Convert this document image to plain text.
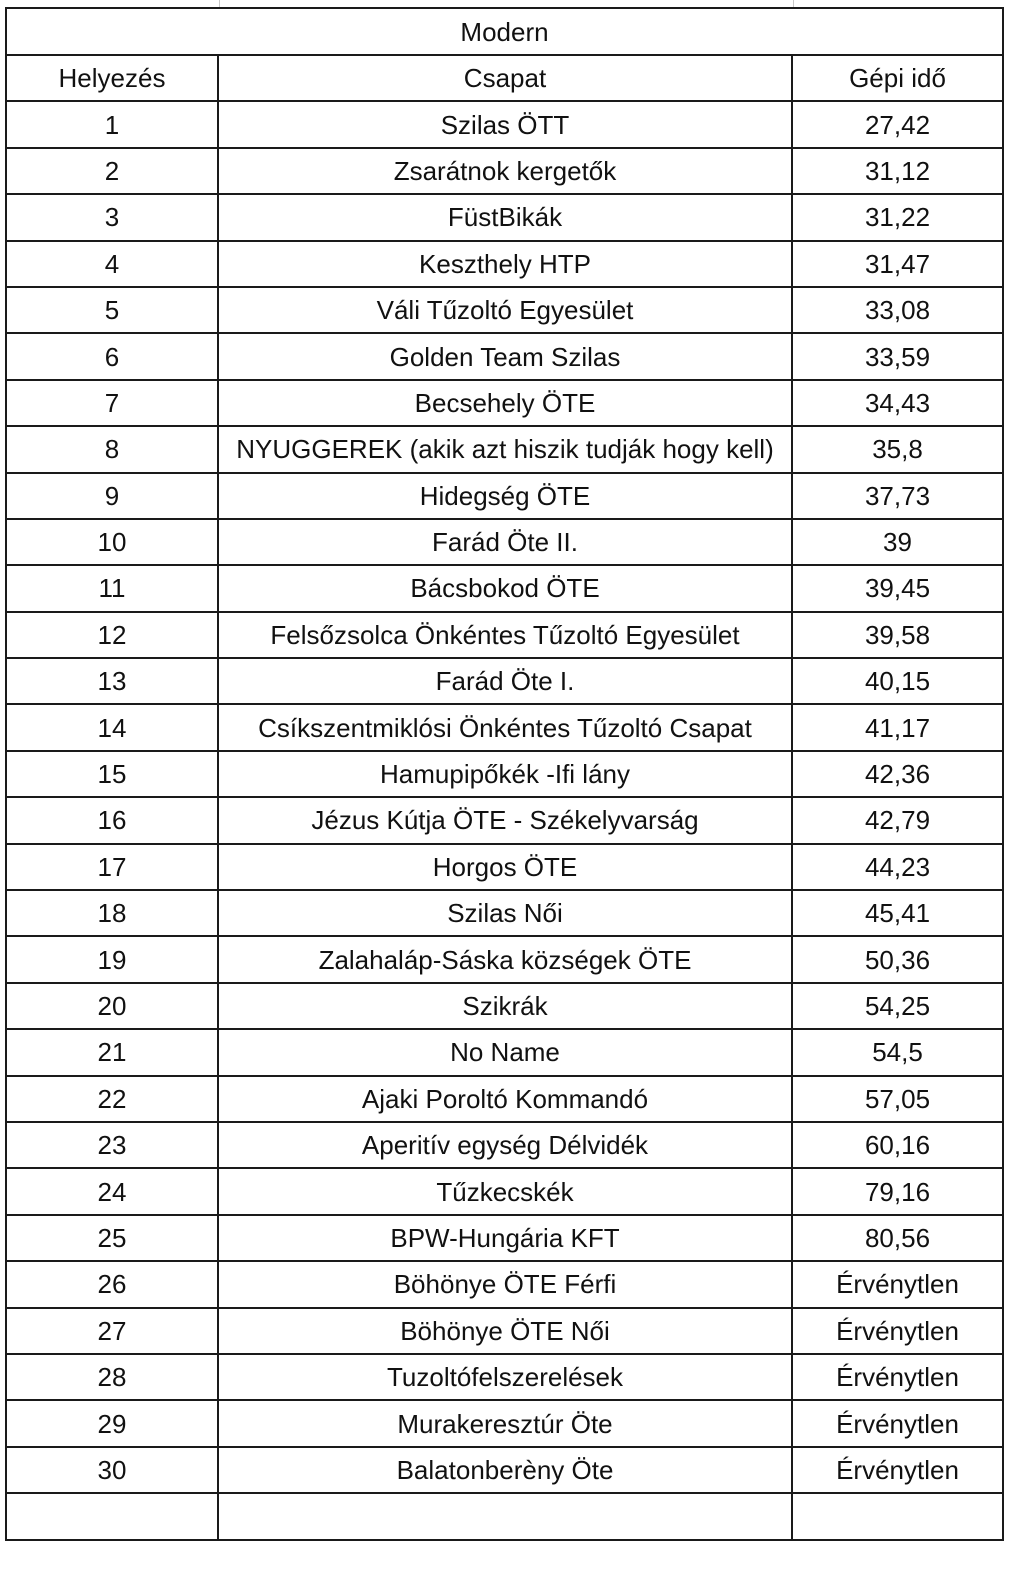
Modern		
Helyezés	Csapat	Gépi idő
1	Szilas ÖTT	27,42
2	Zsarátnok kergetők	31,12
3	FüstBikák	31,22
4	Keszthely HTP	31,47
5	Váli Tűzoltó Egyesület	33,08
6	Golden Team Szilas	33,59
7	Becsehely ÖTE	34,43
8	NYUGGEREK (akik azt hiszik tudják hogy kell)	35,8
9	Hidegség ÖTE	37,73
10	Farád Öte II.	39
11	Bácsbokod ÖTE	39,45
12	Felsőzsolca Önkéntes Tűzoltó Egyesület	39,58
13	Farád Öte I.	40,15
14	Csíkszentmiklósi Önkéntes Tűzoltó Csapat	41,17
15	Hamupipőkék -Ifi lány	42,36
16	Jézus Kútja ÖTE - Székelyvarság	42,79
17	Horgos ÖTE	44,23
18	Szilas Női	45,41
19	Zalahaláp-Sáska községek ÖTE	50,36
20	Szikrák	54,25
21	No Name	54,5
22	Ajaki Poroltó Kommandó	57,05
23	Aperitív egység Délvidék	60,16
24	Tűzkecskék	79,16
25	BPW-Hungária KFT	80,56
26	Böhönye ÖTE Férfi	Érvénytlen
27	Böhönye ÖTE Női	Érvénytlen
28	Tuzoltófelszerelések	Érvénytlen
29	Murakeresztúr Öte	Érvénytlen
30	Balatonberèny Öte	Érvénytlen
